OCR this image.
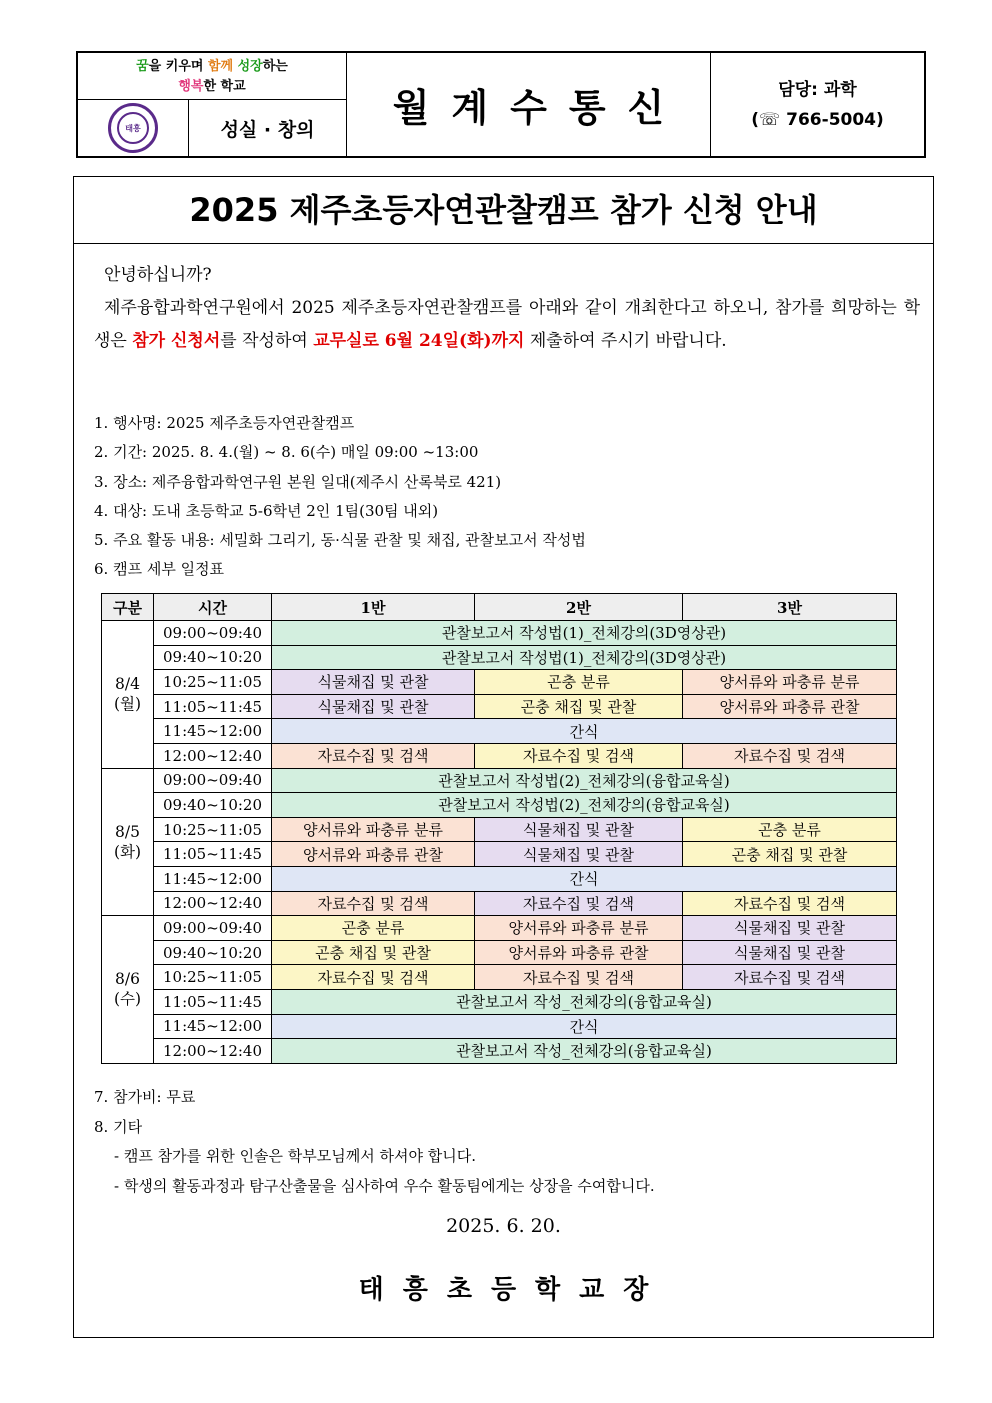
꿈을 키우며 함께 성장하는
행복한 학교
태흥	성실 · 창의	월계수통신	담당: 과학
(☏ 766-5004)
2025 제주초등자연관찰캠프 참가 신청 안내
안녕하십니까?
제주융합과학연구원에서 2025 제주초등자연관찰캠프를 아래와 같이 개최한다고 하오니, 참가를 희망하는 학생은 참가 신청서를 작성하여 교무실로 6월 24일(화)까지 제출하여 주시기 바랍니다.
1. 행사명: 2025 제주초등자연관찰캠프
2. 기간: 2025. 8. 4.(월) ~ 8. 6(수) 매일 09:00 ~13:00
3. 장소: 제주융합과학연구원 본원 일대(제주시 산록북로 421)
4. 대상: 도내 초등학교 5-6학년 2인 1팀(30팀 내외)
5. 주요 활동 내용: 세밀화 그리기, 동·식물 관찰 및 채집, 관찰보고서 작성법
6. 캠프 세부 일정표
구분	시간	1반	2반	3반
8/4
(월)	09:00~09:40	관찰보고서 작성법(1)_전체강의(3D영상관)		
	09:40~10:20	관찰보고서 작성법(1)_전체강의(3D영상관)		
	10:25~11:05	식물채집 및 관찰	곤충 분류	양서류와 파충류 분류
	11:05~11:45	식물채집 및 관찰	곤충 채집 및 관찰	양서류와 파충류 관찰
	11:45~12:00	간식		
	12:00~12:40	자료수집 및 검색	자료수집 및 검색	자료수집 및 검색
8/5
(화)	09:00~09:40	관찰보고서 작성법(2)_전체강의(융합교육실)		
	09:40~10:20	관찰보고서 작성법(2)_전체강의(융합교육실)		
	10:25~11:05	양서류와 파충류 분류	식물채집 및 관찰	곤충 분류
	11:05~11:45	양서류와 파충류 관찰	식물채집 및 관찰	곤충 채집 및 관찰
	11:45~12:00	간식		
	12:00~12:40	자료수집 및 검색	자료수집 및 검색	자료수집 및 검색
8/6
(수)	09:00~09:40	곤충 분류	양서류와 파충류 분류	식물채집 및 관찰
	09:40~10:20	곤충 채집 및 관찰	양서류와 파충류 관찰	식물채집 및 관찰
	10:25~11:05	자료수집 및 검색	자료수집 및 검색	자료수집 및 검색
	11:05~11:45	관찰보고서 작성_전체강의(융합교육실)		
	11:45~12:00	간식		
	12:00~12:40	관찰보고서 작성_전체강의(융합교육실)		
7. 참가비: 무료
8. 기타
- 캠프 참가를 위한 인솔은 학부모님께서 하셔야 합니다.
- 학생의 활동과정과 탐구산출물을 심사하여 우수 활동팀에게는 상장을 수여합니다.
2025. 6. 20.
태흥초등학교장
